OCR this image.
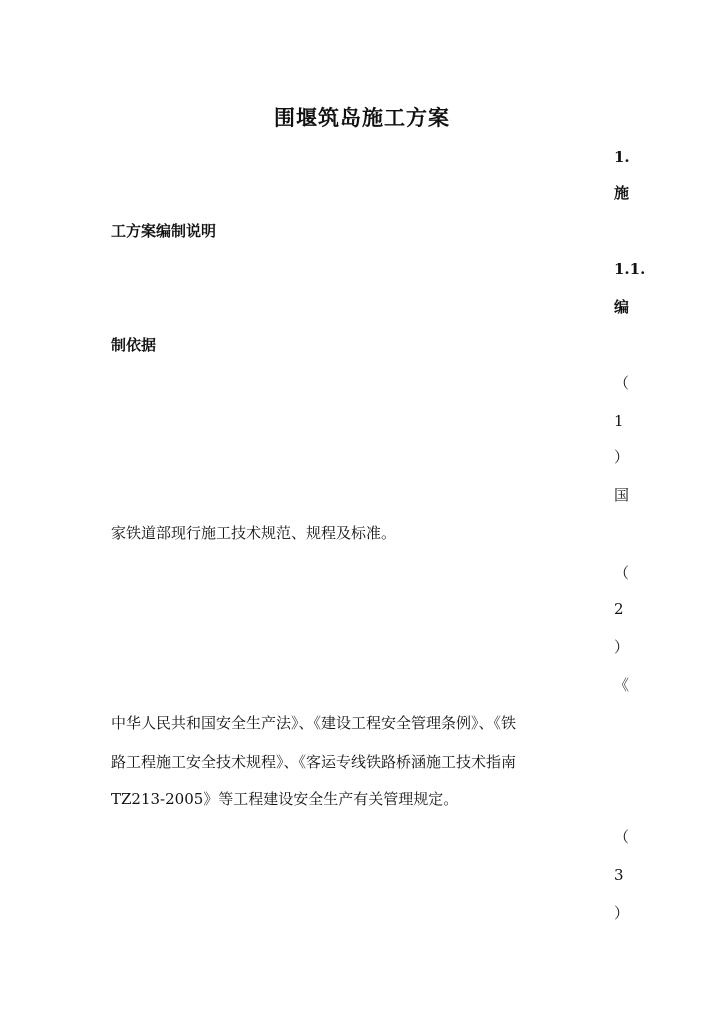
围堰筑岛施工方案
1.
施
工方案编制说明
1.1.
编
制依据
（
1
）
国
家铁道部现行施工技术规范、规程及标准。
（
2
）
《
中华人民共和国安全生产法》、《建设工程安全管理条例》、《铁
路工程施工安全技术规程》、《客运专线铁路桥涵施工技术指南
TZ213-2005》等工程建设安全生产有关管理规定。
（
3
）
